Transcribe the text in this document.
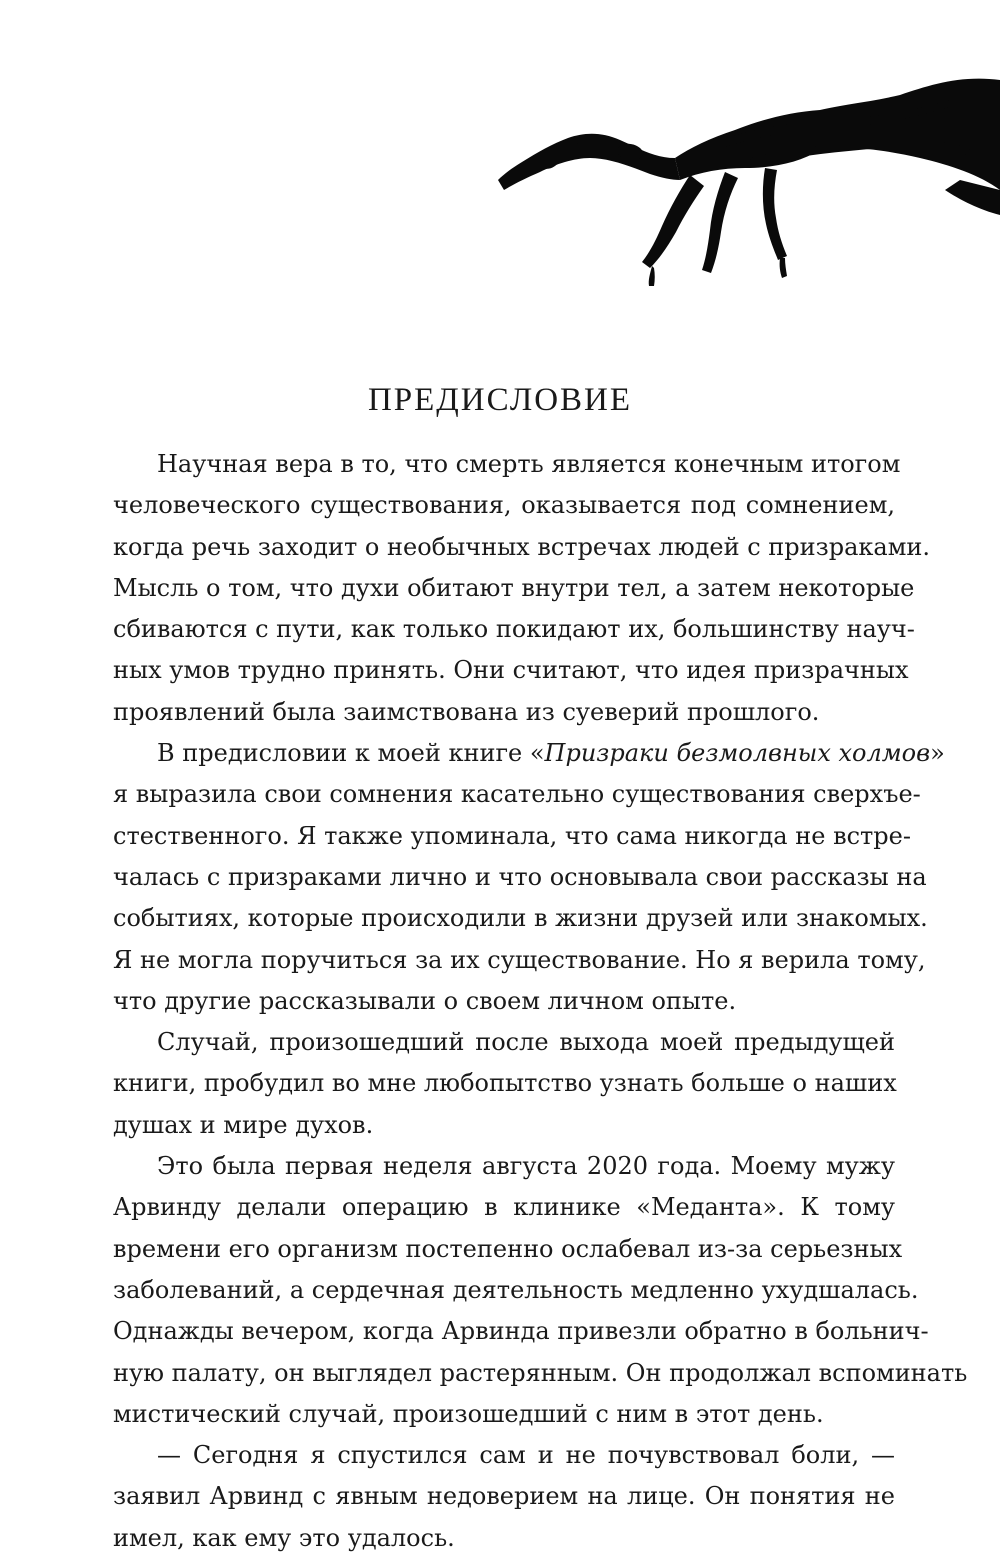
ПРЕДИСЛОВИЕ
Научная вера в то, что смерть является конечным итогом
человеческого существования, оказывается под сомнением,
когда речь заходит о необычных встречах людей с призраками.
Мысль о том, что духи обитают внутри тел, а затем некоторые
сбиваются с пути, как только покидают их, большинству науч-
ных умов трудно принять. Они считают, что идея призрачных
проявлений была заимствована из суеверий прошлого.
В предисловии к моей книге «Призраки безмолвных холмов»
я выразила свои сомнения касательно существования сверхъе-
стественного. Я также упоминала, что сама никогда не встре-
чалась с призраками лично и что основывала свои рассказы на
событиях, которые происходили в жизни друзей или знакомых.
Я не могла поручиться за их существование. Но я верила тому,
что другие рассказывали о своем личном опыте.
Случай, произошедший после выхода моей предыдущей
книги, пробудил во мне любопытство узнать больше о наших
душах и мире духов.
Это была первая неделя августа 2020 года. Моему мужу
Арвинду делали операцию в клинике «Меданта». К тому
времени его организм постепенно ослабевал из-за серьезных
заболеваний, а сердечная деятельность медленно ухудшалась.
Однажды вечером, когда Арвинда привезли обратно в больнич-
ную палату, он выглядел растерянным. Он продолжал вспоминать
мистический случай, произошедший с ним в этот день.
— Сегодня я спустился сам и не почувствовал боли, —
заявил Арвинд с явным недоверием на лице. Он понятия не
имел, как ему это удалось.
